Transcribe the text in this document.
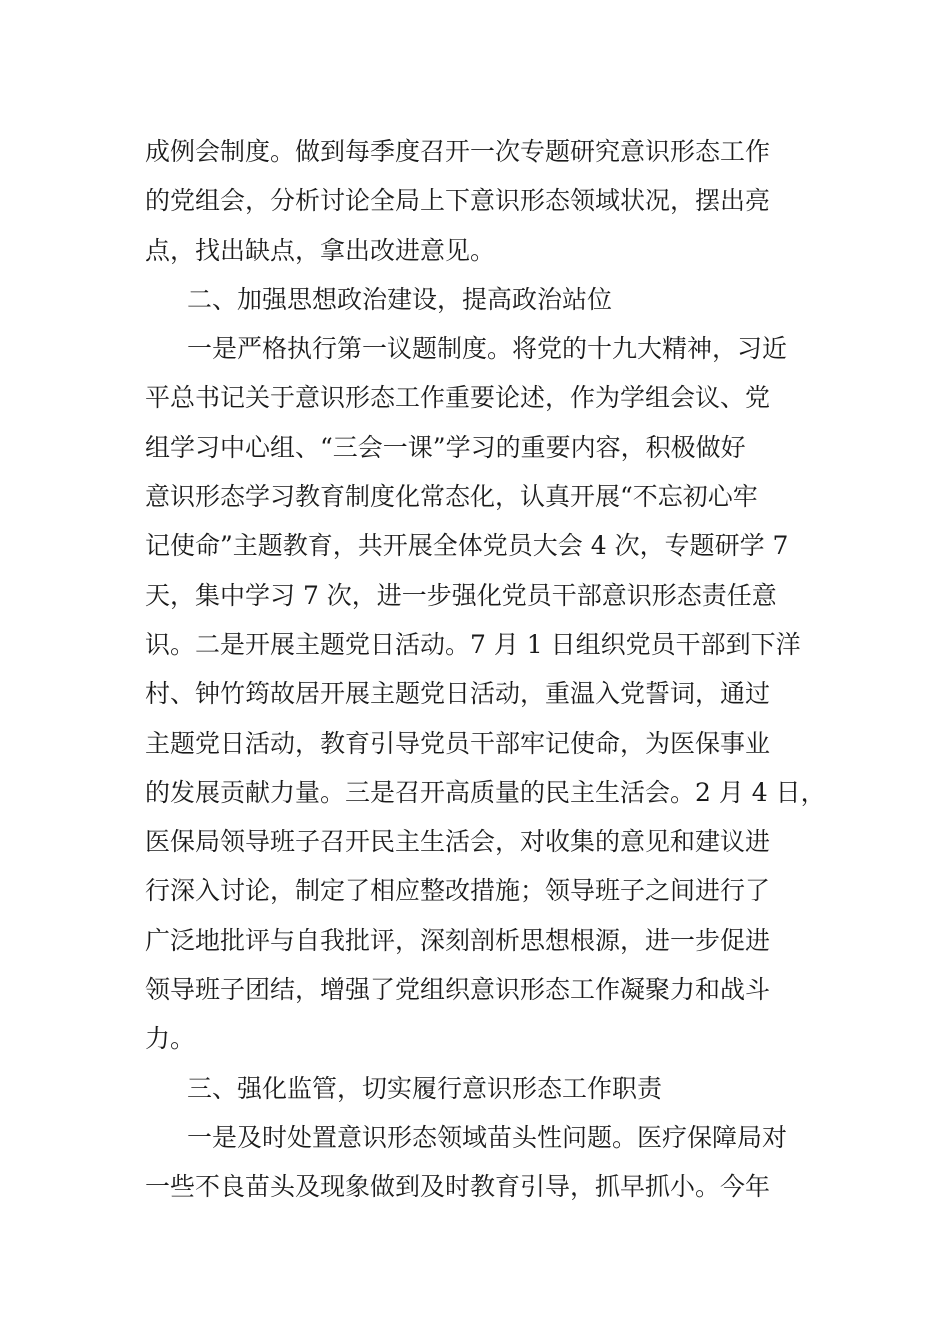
成例会制度。做到每季度召开一次专题研究意识形态工作
的党组会，分析讨论全局上下意识形态领域状况，摆出亮
点，找出缺点，拿出改进意见。
二、加强思想政治建设，提高政治站位
一是严格执行第一议题制度。将党的十九大精神，习近
平总书记关于意识形态工作重要论述，作为学组会议、党
组学习中心组、“三会一课”学习的重要内容，积极做好
意识形态学习教育制度化常态化，认真开展“不忘初心牢
记使命”主题教育，共开展全体党员大会 4 次，专题研学 7
天，集中学习 7 次，进一步强化党员干部意识形态责任意
识。二是开展主题党日活动。7 月 1 日组织党员干部到下洋
村、钟竹筠故居开展主题党日活动，重温入党誓词，通过
主题党日活动，教育引导党员干部牢记使命，为医保事业
的发展贡献力量。三是召开高质量的民主生活会。2 月 4 日，
医保局领导班子召开民主生活会，对收集的意见和建议进
行深入讨论，制定了相应整改措施；领导班子之间进行了
广泛地批评与自我批评，深刻剖析思想根源，进一步促进
领导班子团结，增强了党组织意识形态工作凝聚力和战斗
力。
三、强化监管，切实履行意识形态工作职责
一是及时处置意识形态领域苗头性问题。医疗保障局对
一些不良苗头及现象做到及时教育引导，抓早抓小。今年
